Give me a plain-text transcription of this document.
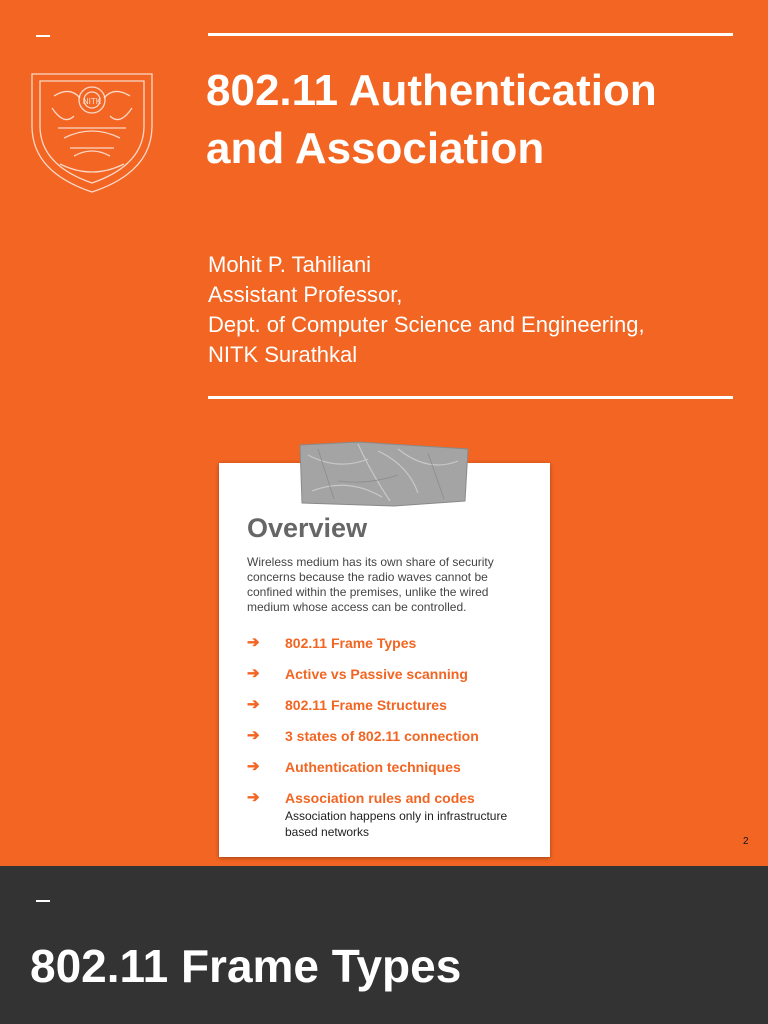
NITK 802.11 Authentication
and Association
Mohit P. Tahiliani
Assistant Professor,
Dept. of Computer Science and Engineering,
NITK Surathkal
Overview
Wireless medium has its own share of security concerns because the radio waves cannot be confined within the premises, unlike the wired medium whose access can be controlled.
➔ 802.11 Frame Types
➔ Active vs Passive scanning
➔ 802.11 Frame Structures
➔ 3 states of 802.11 connection
➔ Authentication techniques
➔ Association rules and codes
Association happens only in infrastructure based networks
2
802.11 Frame Types
